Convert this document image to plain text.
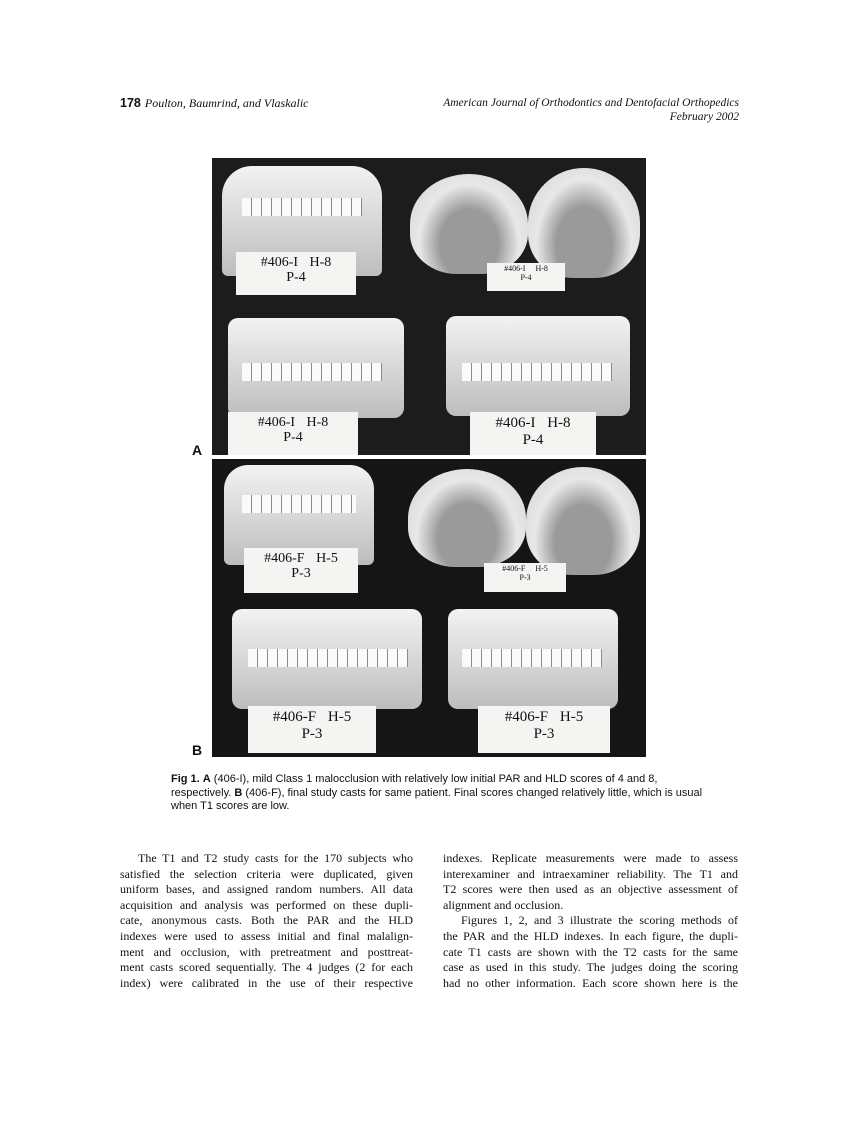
178 Poulton, Baumrind, and Vlaskalic	American Journal of Orthodontics and Dentofacial Orthopedics
February 2002
#406-I H-8
P-4
#406-I H-8
P-4
#406-I H-8
P-4
#406-I H-8
P-4
A
#406-F H-5
P-3	#406-F H-5
P-3
#406-F H-5
P-3
#406-F H-5
P-3
B
Fig 1. A (406-I), mild Class 1 malocclusion with relatively low initial PAR and HLD scores of 4 and 8, respectively. B (406-F), final study casts for same patient. Final scores changed relatively little, which is usual when T1 scores are low.
The T1 and T2 study casts for the 170 subjects who
satisfied the selection criteria were duplicated, given
uniform bases, and assigned random numbers. All data
acquisition and analysis was performed on these dupli-
cate, anonymous casts. Both the PAR and the HLD
indexes were used to assess initial and final malalign-
ment and occlusion, with pretreatment and posttreat-
ment casts scored sequentially. The 4 judges (2 for each
index) were calibrated in the use of their respective
indexes. Replicate measurements were made to assess
interexaminer and intraexaminer reliability. The T1 and
T2 scores were then used as an objective assessment of
alignment and occlusion.
Figures 1, 2, and 3 illustrate the scoring methods of
the PAR and the HLD indexes. In each figure, the dupli-
cate T1 casts are shown with the T2 casts for the same
case as used in this study. The judges doing the scoring
had no other information. Each score shown here is the
